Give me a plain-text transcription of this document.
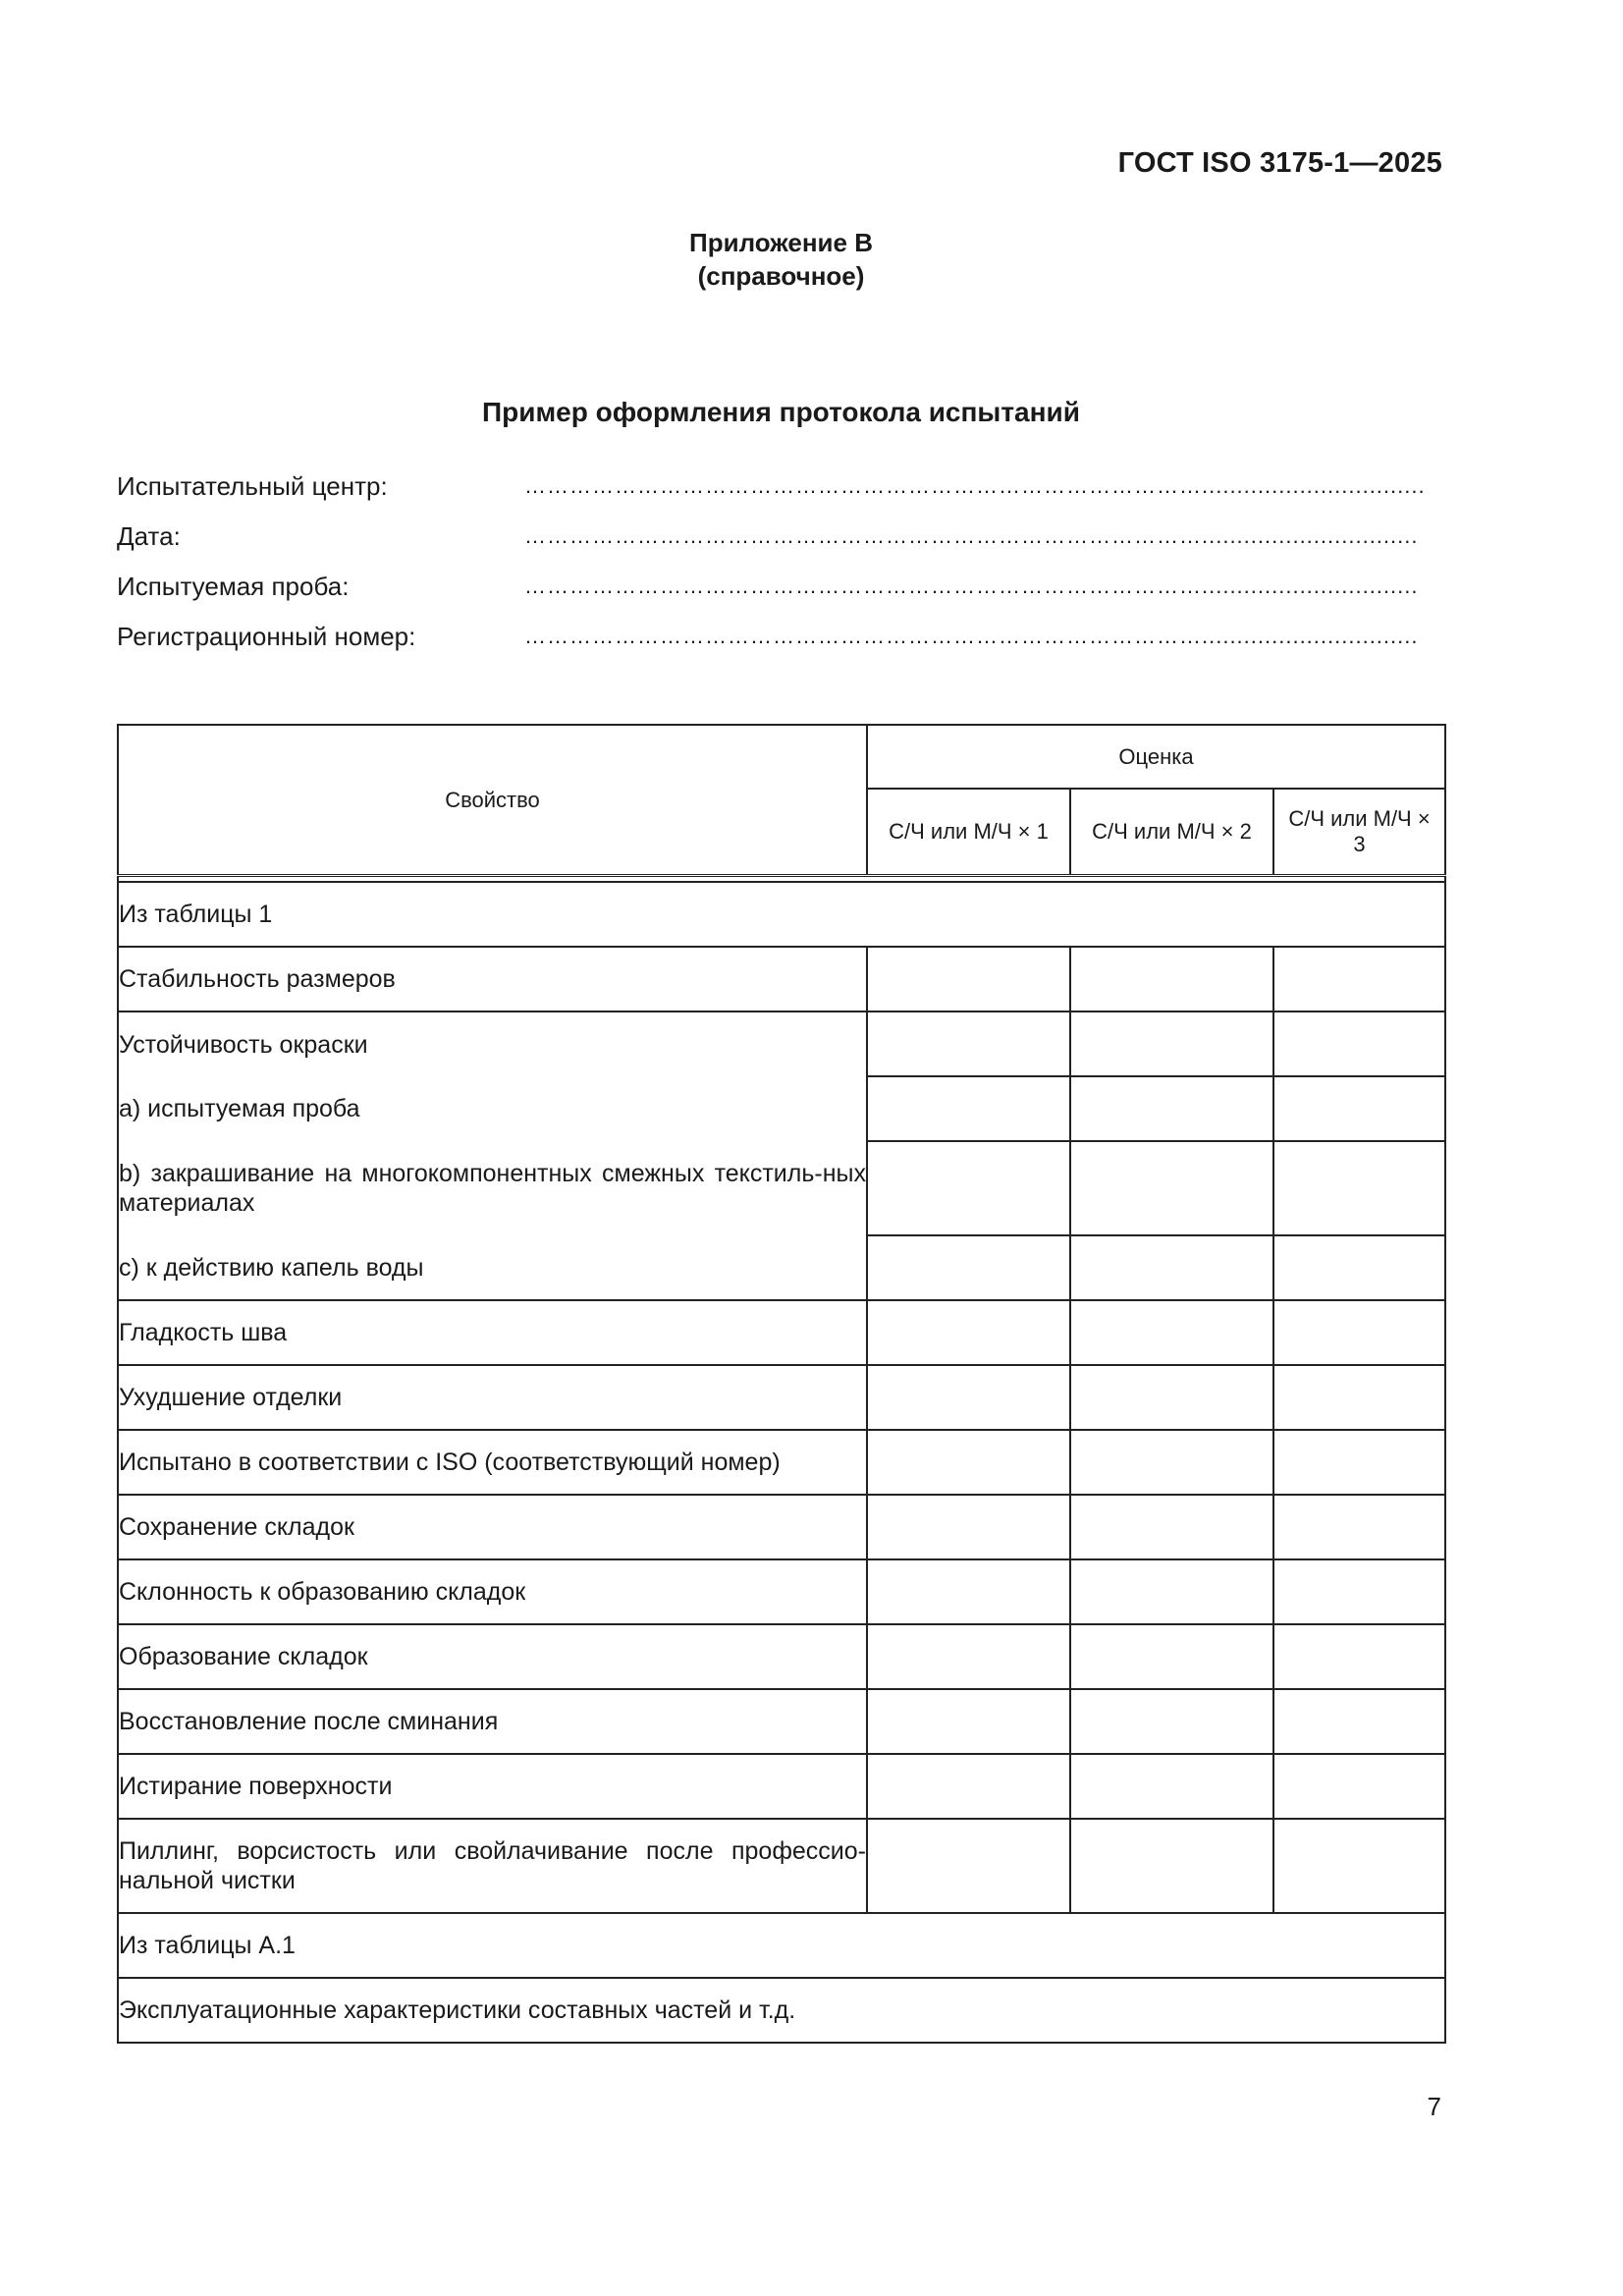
ГОСТ ISO 3175-1—2025
Приложение В
(справочное)
Пример оформления протокола испытаний
Испытательный центр:	………………………………………………………………………………................................
Дата:	………………………………………………………………………………...............................
Испытуемая проба:	………………………………………………………………………………...............................
Регистрационный номер:	………………………………………………………………………………...............................
Свойство	Оценка		
	С/Ч или М/Ч × 1	С/Ч или М/Ч × 2	С/Ч или М/Ч × 3

Из таблицы 1			
Стабильность размеров			
Устойчивость окраски			
a) испытуемая проба			
b) закрашивание на многокомпонентных смежных текстиль-ных материалах			
c) к действию капель воды			
Гладкость шва			
Ухудшение отделки			
Испытано в соответствии с ISO (соответствующий номер)			
Сохранение складок			
Склонность к образованию складок			
Образование складок			
Восстановление после сминания			
Истирание поверхности			
Пиллинг, ворсистость или свойлачивание после профессио-нальной чистки			
Из таблицы А.1			
Эксплуатационные характеристики составных частей и т.д.			
7
